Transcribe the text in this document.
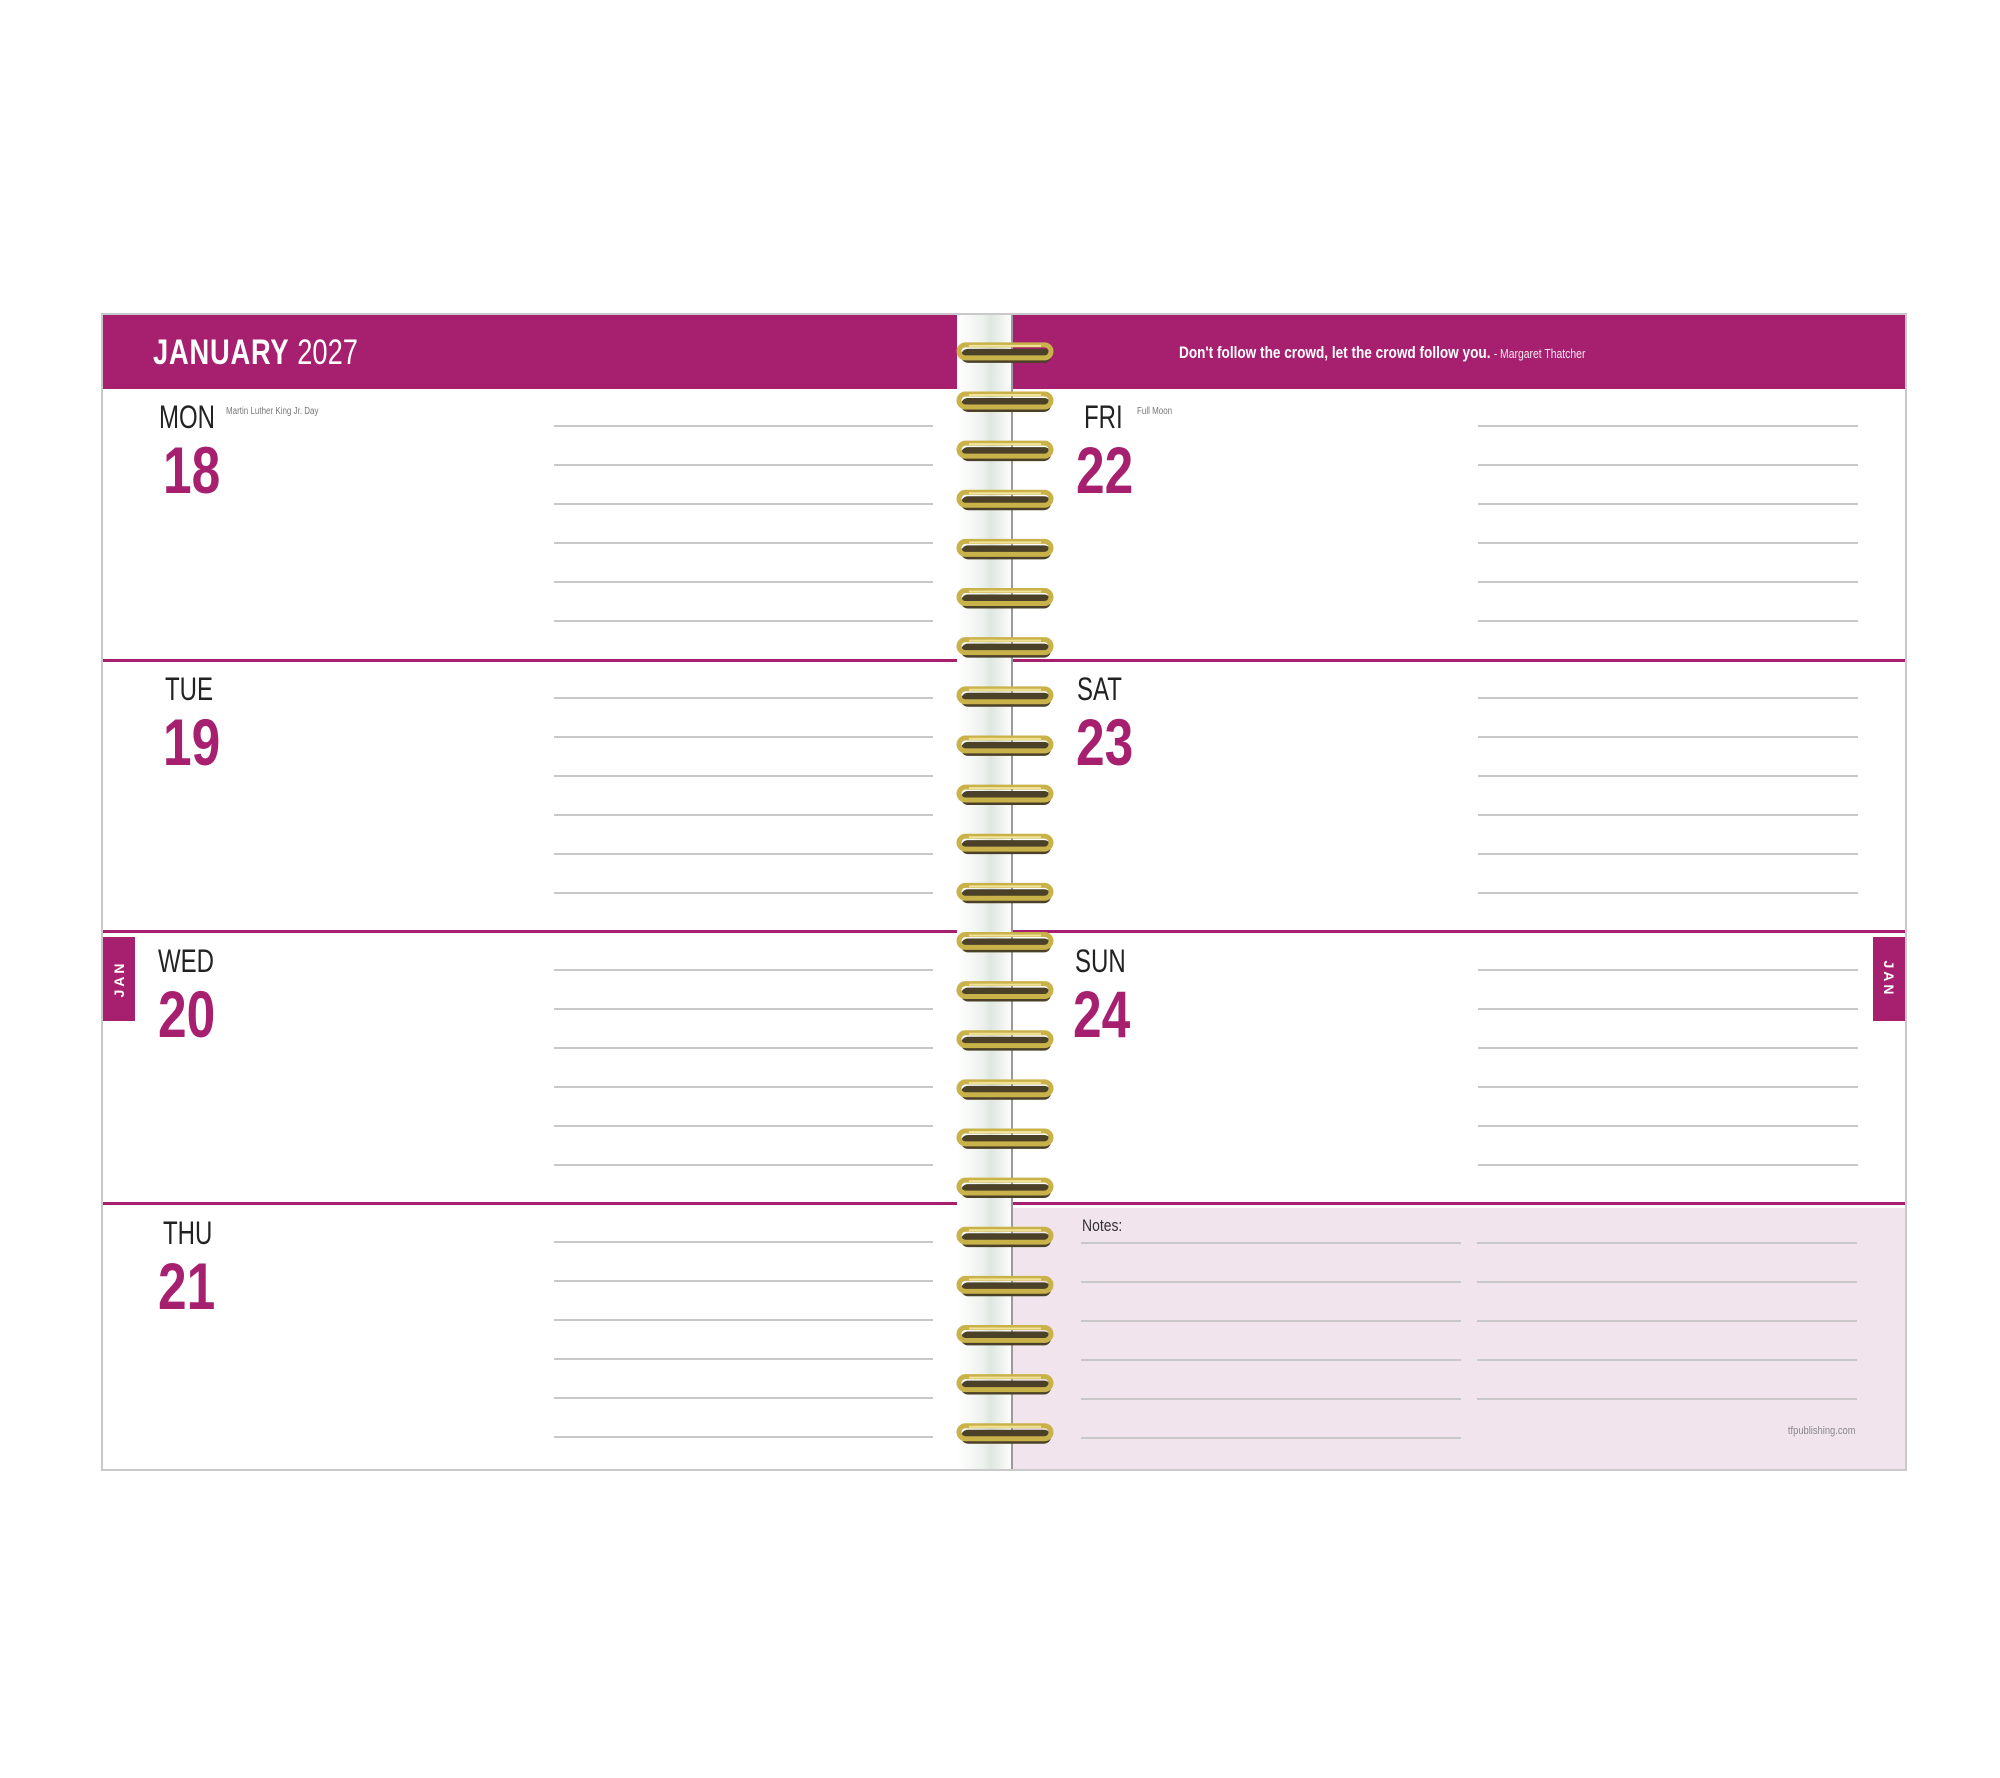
JANUARY 2027	Don't follow the crowd, let the crowd follow you. - Margaret Thatcher
MON Martin Luther King Jr. Day
18
TUE
19
WED
20
THU
21
Notes:
tfpublishing.com
FRI Full Moon
22
SAT
23
SUN
24
JAN	JAN
